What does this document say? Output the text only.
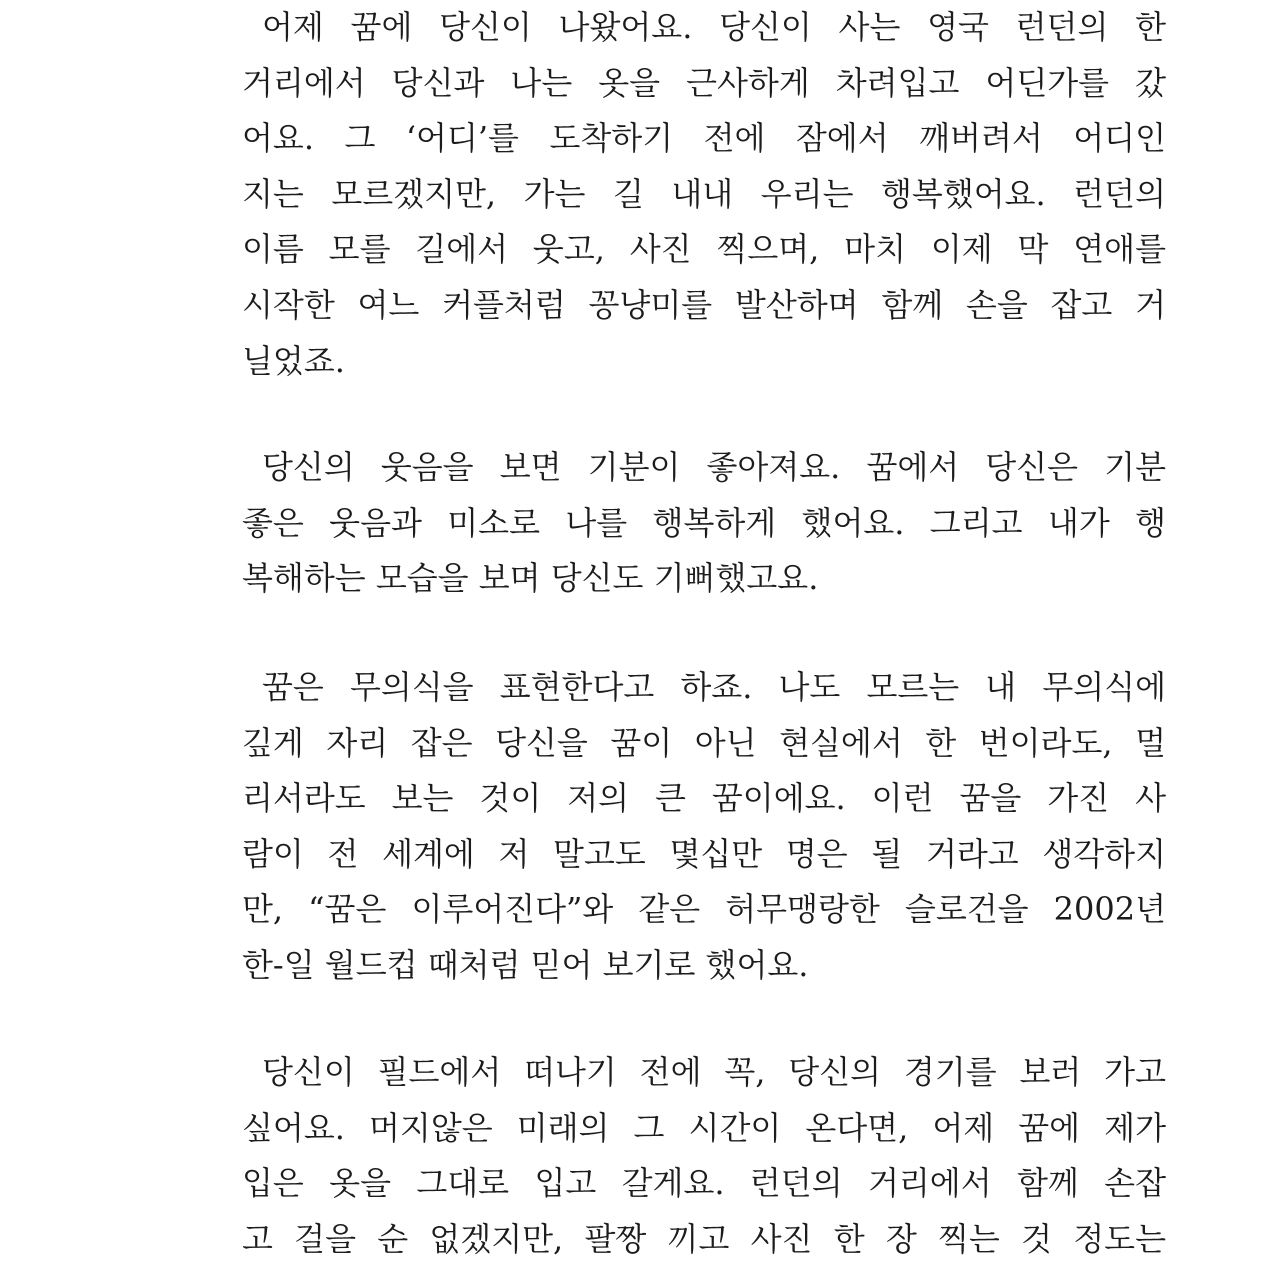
어제 꿈에 당신이 나왔어요. 당신이 사는 영국 런던의 한
거리에서 당신과 나는 옷을 근사하게 차려입고 어딘가를 갔
어요. 그 ‘어디’를 도착하기 전에 잠에서 깨버려서 어디인
지는 모르겠지만, 가는 길 내내 우리는 행복했어요. 런던의
이름 모를 길에서 웃고, 사진 찍으며, 마치 이제 막 연애를
시작한 여느 커플처럼 꽁냥미를 발산하며 함께 손을 잡고 거
닐었죠.
당신의 웃음을 보면 기분이 좋아져요. 꿈에서 당신은 기분
좋은 웃음과 미소로 나를 행복하게 했어요. 그리고 내가 행
복해하는 모습을 보며 당신도 기뻐했고요.
꿈은 무의식을 표현한다고 하죠. 나도 모르는 내 무의식에
깊게 자리 잡은 당신을 꿈이 아닌 현실에서 한 번이라도, 멀
리서라도 보는 것이 저의 큰 꿈이에요. 이런 꿈을 가진 사
람이 전 세계에 저 말고도 몇십만 명은 될 거라고 생각하지
만, “꿈은 이루어진다”와 같은 허무맹랑한 슬로건을 2002년
한-일 월드컵 때처럼 믿어 보기로 했어요.
당신이 필드에서 떠나기 전에 꼭, 당신의 경기를 보러 가고
싶어요. 머지않은 미래의 그 시간이 온다면, 어제 꿈에 제가
입은 옷을 그대로 입고 갈게요. 런던의 거리에서 함께 손잡
고 걸을 순 없겠지만, 팔짱 끼고 사진 한 장 찍는 것 정도는
